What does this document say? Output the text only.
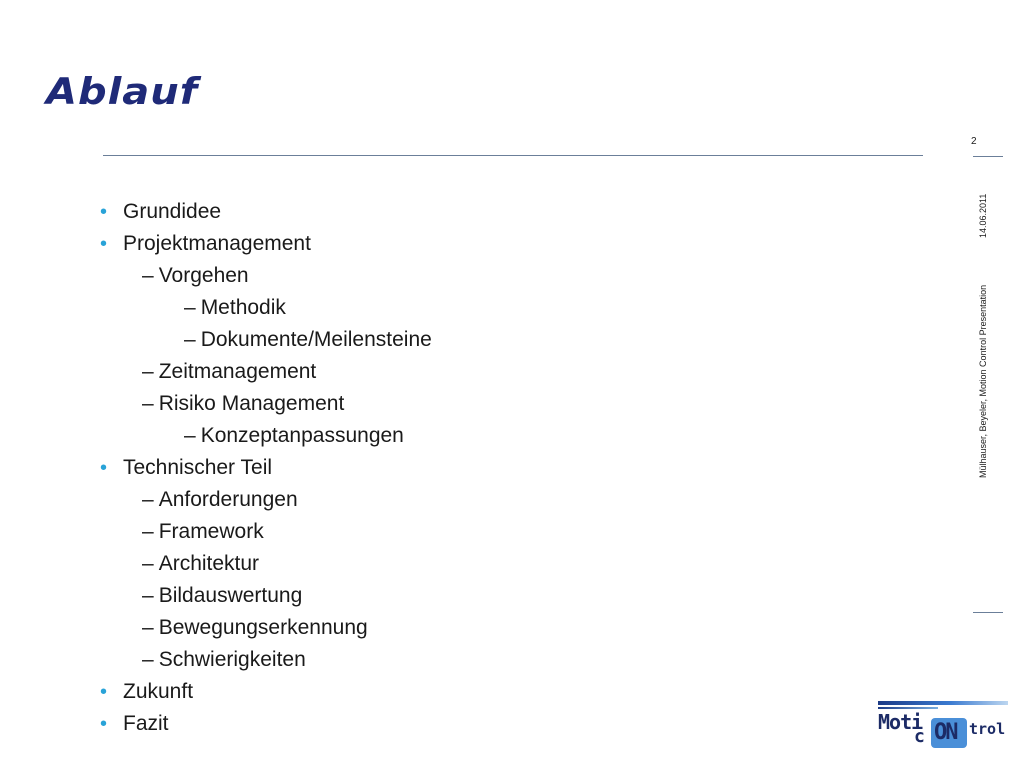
Ablauf
2
14.06.2011
Mülhauser, Beyeler, Motion Control Presentation
• Grundidee
• Projektmanagement
– Vorgehen
– Methodik
– Dokumente/Meilensteine
– Zeitmanagement
– Risiko Management
– Konzeptanpassungen
• Technischer Teil
– Anforderungen
– Framework
– Architektur
– Bildauswertung
– Bewegungserkennung
– Schwierigkeiten
• Zukunft
• Fazit	Moti
c ON trol
